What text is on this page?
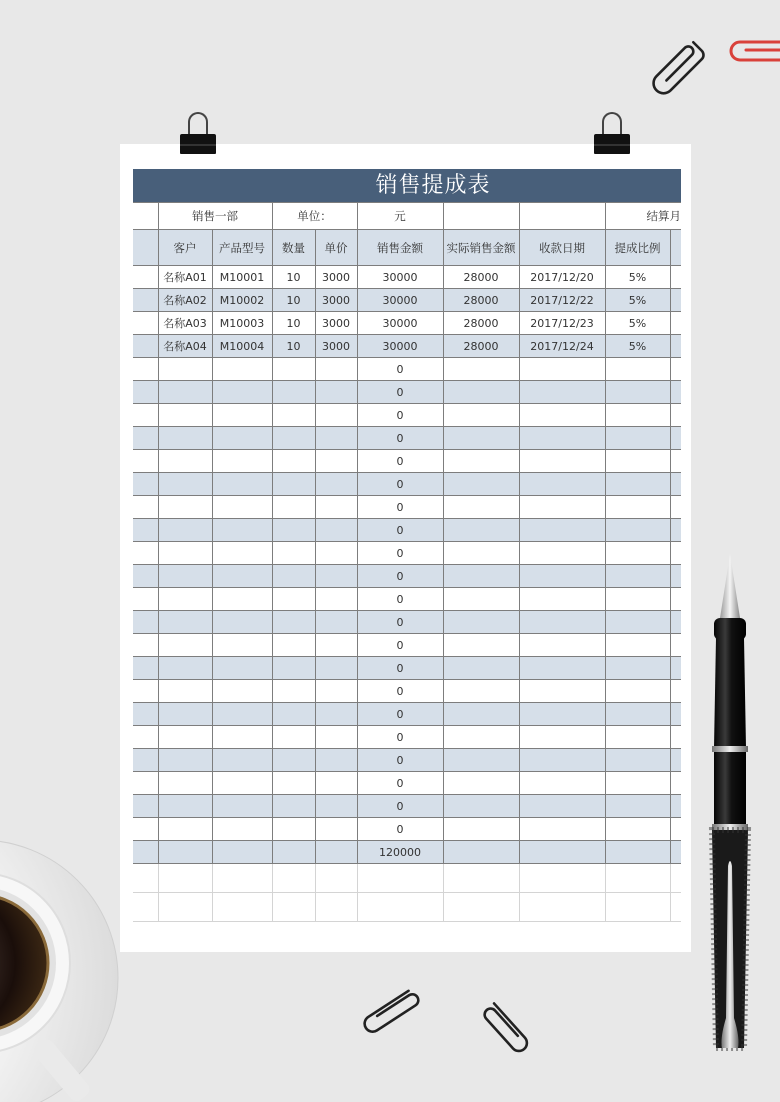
销售提成表
	销售一部		单位：		元			结算月	
	客户	产品型号	数量	单价	销售金额	实际销售金额	收款日期	提成比例	
	名称A01	M10001	10	3000	30000	28000	2017/12/20	5%	
	名称A02	M10002	10	3000	30000	28000	2017/12/22	5%	
	名称A03	M10003	10	3000	30000	28000	2017/12/23	5%	
	名称A04	M10004	10	3000	30000	28000	2017/12/24	5%	
					0				
					0				
					0				
					0				
					0				
					0				
					0				
					0				
					0				
					0				
					0				
					0				
					0				
					0				
					0				
					0				
					0				
					0				
					0				
					0				
					0				
					120000				
